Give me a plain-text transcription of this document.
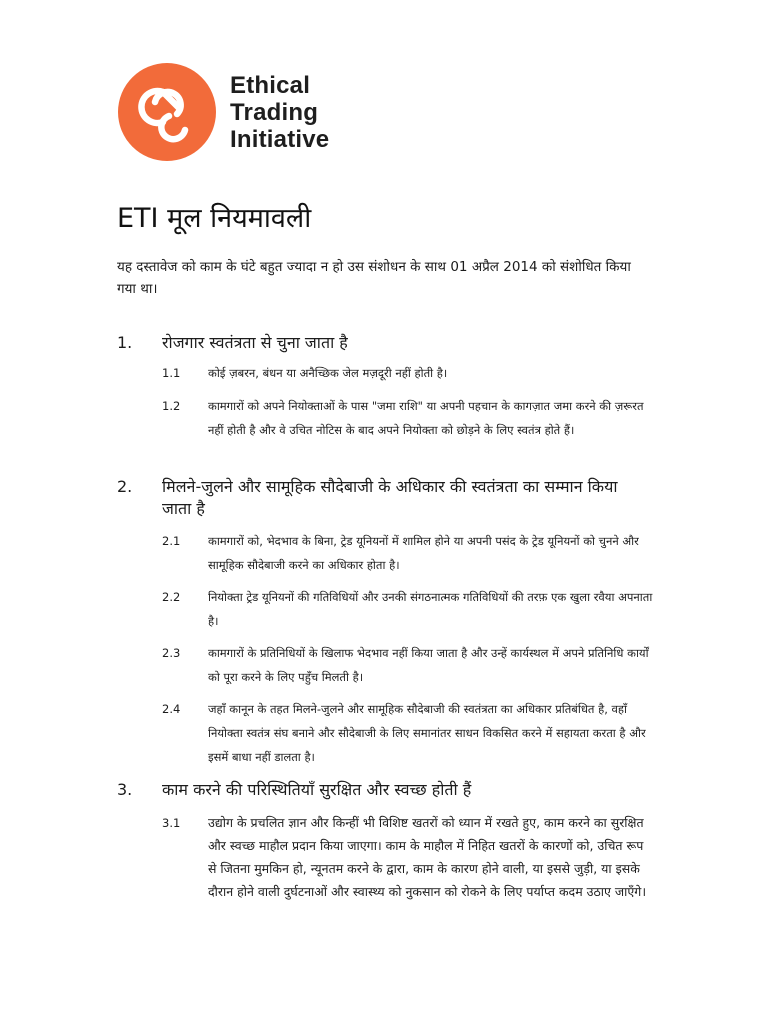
Ethical
Trading
Initiative
ETI मूल नियमावली

यह दस्तावेज को काम के घंटे बहुत ज्यादा न हो उस संशोधन के साथ 01 अप्रैल 2014 को संशोधित किया गया था।

1. रोजगार स्वतंत्रता से चुना जाता है
1.1 कोई ज़बरन, बंधन या अनैच्छिक जेल मज़दूरी नहीं होती है।
1.2 कामगारों को अपने नियोक्ताओं के पास "जमा राशि" या अपनी पहचान के कागज़ात जमा करने की ज़रूरत नहीं होती है और वे उचित नोटिस के बाद अपने नियोक्ता को छोड़ने के लिए स्वतंत्र होते हैं।
2. मिलने-जुलने और सामूहिक सौदेबाजी के अधिकार की स्वतंत्रता का सम्मान किया जाता है
2.1 कामगारों को, भेदभाव के बिना, ट्रेड यूनियनों में शामिल होने या अपनी पसंद के ट्रेड यूनियनों को चुनने और सामूहिक सौदेबाजी करने का अधिकार होता है।
2.2 नियोक्ता ट्रेड यूनियनों की गतिविधियों और उनकी संगठनात्मक गतिविधियों की तरफ़ एक खुला रवैया अपनाता है।
2.3 कामगारों के प्रतिनिधियों के खिलाफ भेदभाव नहीं किया जाता है और उन्हें कार्यस्थल में अपने प्रतिनिधि कार्यों को पूरा करने के लिए पहुँच मिलती है।
2.4 जहाँ कानून के तहत मिलने-जुलने और सामूहिक सौदेबाजी की स्वतंत्रता का अधिकार प्रतिबंधित है, वहाँ नियोक्ता स्वतंत्र संघ बनाने और सौदेबाजी के लिए समानांतर साधन विकसित करने में सहायता करता है और इसमें बाधा नहीं डालता है।
3. काम करने की परिस्थितियाँ सुरक्षित और स्वच्छ होती हैं
3.1 उद्योग के प्रचलित ज्ञान और किन्हीं भी विशिष्ट खतरों को ध्यान में रखते हुए, काम करने का सुरक्षित और स्वच्छ माहौल प्रदान किया जाएगा। काम के माहौल में निहित खतरों के कारणों को, उचित रूप से जितना मुमकिन हो, न्यूनतम करने के द्वारा, काम के कारण होने वाली, या इससे जुड़ी, या इसके दौरान होने वाली दुर्घटनाओं और स्वास्थ्य को नुकसान को रोकने के लिए पर्याप्त कदम उठाए जाएँगे।
